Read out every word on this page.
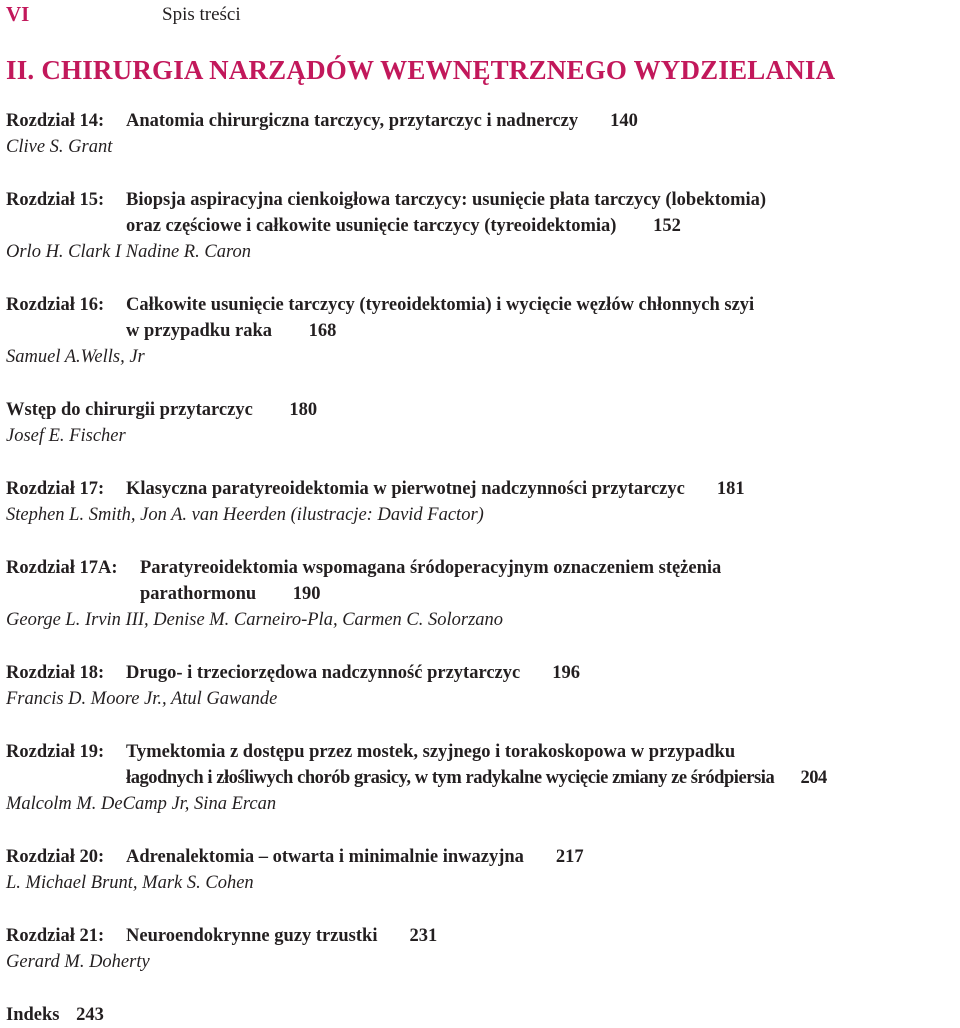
VI	Spis treści
II. CHIRURGIA NARZĄDÓW WEWNĘTRZNEGO WYDZIELANIA
Rozdział 14:	Anatomia chirurgiczna tarczycy, przytarczyc i nadnerczy 140
Clive S. Grant
Rozdział 15:	Biopsja aspiracyjna cienkoigłowa tarczycy: usunięcie płata tarczycy (lobektomia)
oraz częściowe i całkowite usunięcie tarczycy (tyreoidektomia) 152
Orlo H. Clark I Nadine R. Caron
Rozdział 16:	Całkowite usunięcie tarczycy (tyreoidektomia) i wycięcie węzłów chłonnych szyi
w przypadku raka 168
Samuel A.Wells, Jr
Wstęp do chirurgii przytarczyc 180
Josef E. Fischer
Rozdział 17:	Klasyczna paratyreoidektomia w pierwotnej nadczynności przytarczyc 181
Stephen L. Smith, Jon A. van Heerden (ilustracje: David Factor)
Rozdział 17A:	Paratyreoidektomia wspomagana śródoperacyjnym oznaczeniem stężenia
parathormonu 190
George L. Irvin III, Denise M. Carneiro-Pla, Carmen C. Solorzano
Rozdział 18:	Drugo- i trzeciorzędowa nadczynność przytarczyc 196
Francis D. Moore Jr., Atul Gawande
Rozdział 19:	Tymektomia z dostępu przez mostek, szyjnego i torakoskopowa w przypadku
łagodnych i złośliwych chorób grasicy, w tym radykalne wycięcie zmiany ze śródpiersia 204
Malcolm M. DeCamp Jr, Sina Ercan
Rozdział 20:	Adrenalektomia – otwarta i minimalnie inwazyjna 217
L. Michael Brunt, Mark S. Cohen
Rozdział 21:	Neuroendokrynne guzy trzustki 231
Gerard M. Doherty
Indeks 243
